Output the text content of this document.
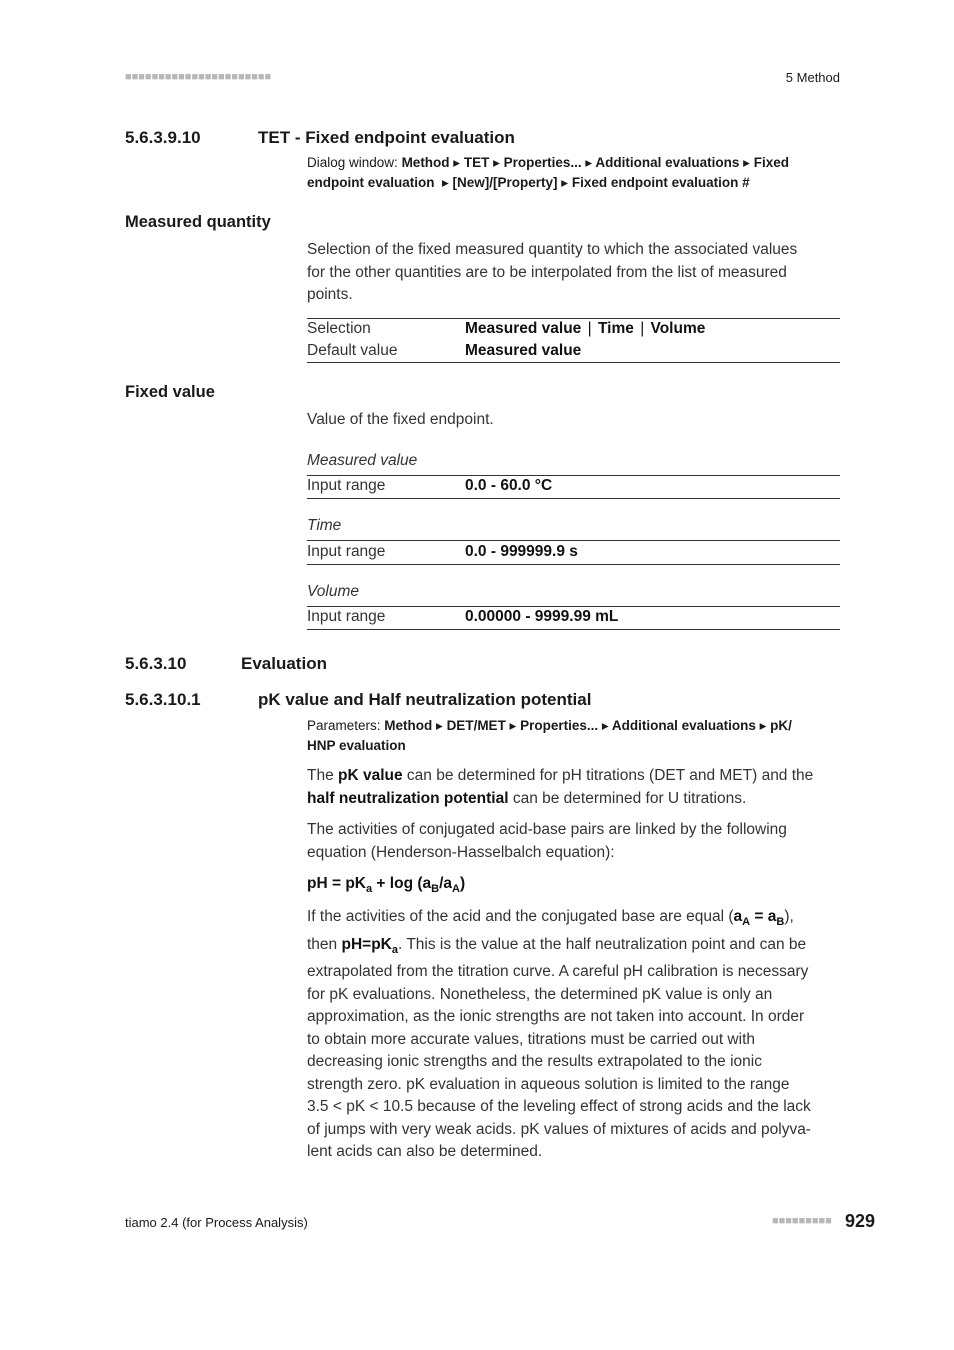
■■■■■■■■■■■■■■■■■■■■■■	5 Method
5.6.3.9.10	TET - Fixed endpoint evaluation
Dialog window: Method ▸ TET ▸ Properties... ▸ Additional evaluations ▸ Fixed
endpoint evaluation  ▸ [New]/[Property] ▸ Fixed endpoint evaluation #
Measured quantity
Selection of the fixed measured quantity to which the associated values
for the other quantities are to be interpolated from the list of measured
points.
Selection	Measured value | Time | Volume
Default value	Measured value
Fixed value
Value of the fixed endpoint.
Measured value
Input range	0.0 - 60.0 °C
Time
Input range	0.0 - 999999.9 s
Volume
Input range	0.00000 - 9999.99 mL
5.6.3.10	Evaluation
5.6.3.10.1	pK value and Half neutralization potential
Parameters: Method ▸ DET/MET ▸ Properties... ▸ Additional evaluations ▸ pK/
HNP evaluation
The pK value can be determined for pH titrations (DET and MET) and the
half neutralization potential can be determined for U titrations.
The activities of conjugated acid-base pairs are linked by the following
equation (Henderson-Hasselbalch equation):
pH = $pK_a + \log (a_B/a_A)$
If the activities of the acid and the conjugated base are equal $(a_A = a_B)$,
then $pH=pK_a$. This is the value at the half neutralization point and can be
extrapolated from the titration curve. A careful pH calibration is necessary
for pK evaluations. Nonetheless, the determined pK value is only an
approximation, as the ionic strengths are not taken into account. In order
to obtain more accurate values, titrations must be carried out with
decreasing ionic strengths and the results extrapolated to the ionic
strength zero. pK evaluation in aqueous solution is limited to the range
3.5 < pK < 10.5 because of the leveling effect of strong acids and the lack
of jumps with very weak acids. pK values of mixtures of acids and polyva-
lent acids can also be determined.
tiamo 2.4 (for Process Analysis)	■■■■■■■■■ 929
